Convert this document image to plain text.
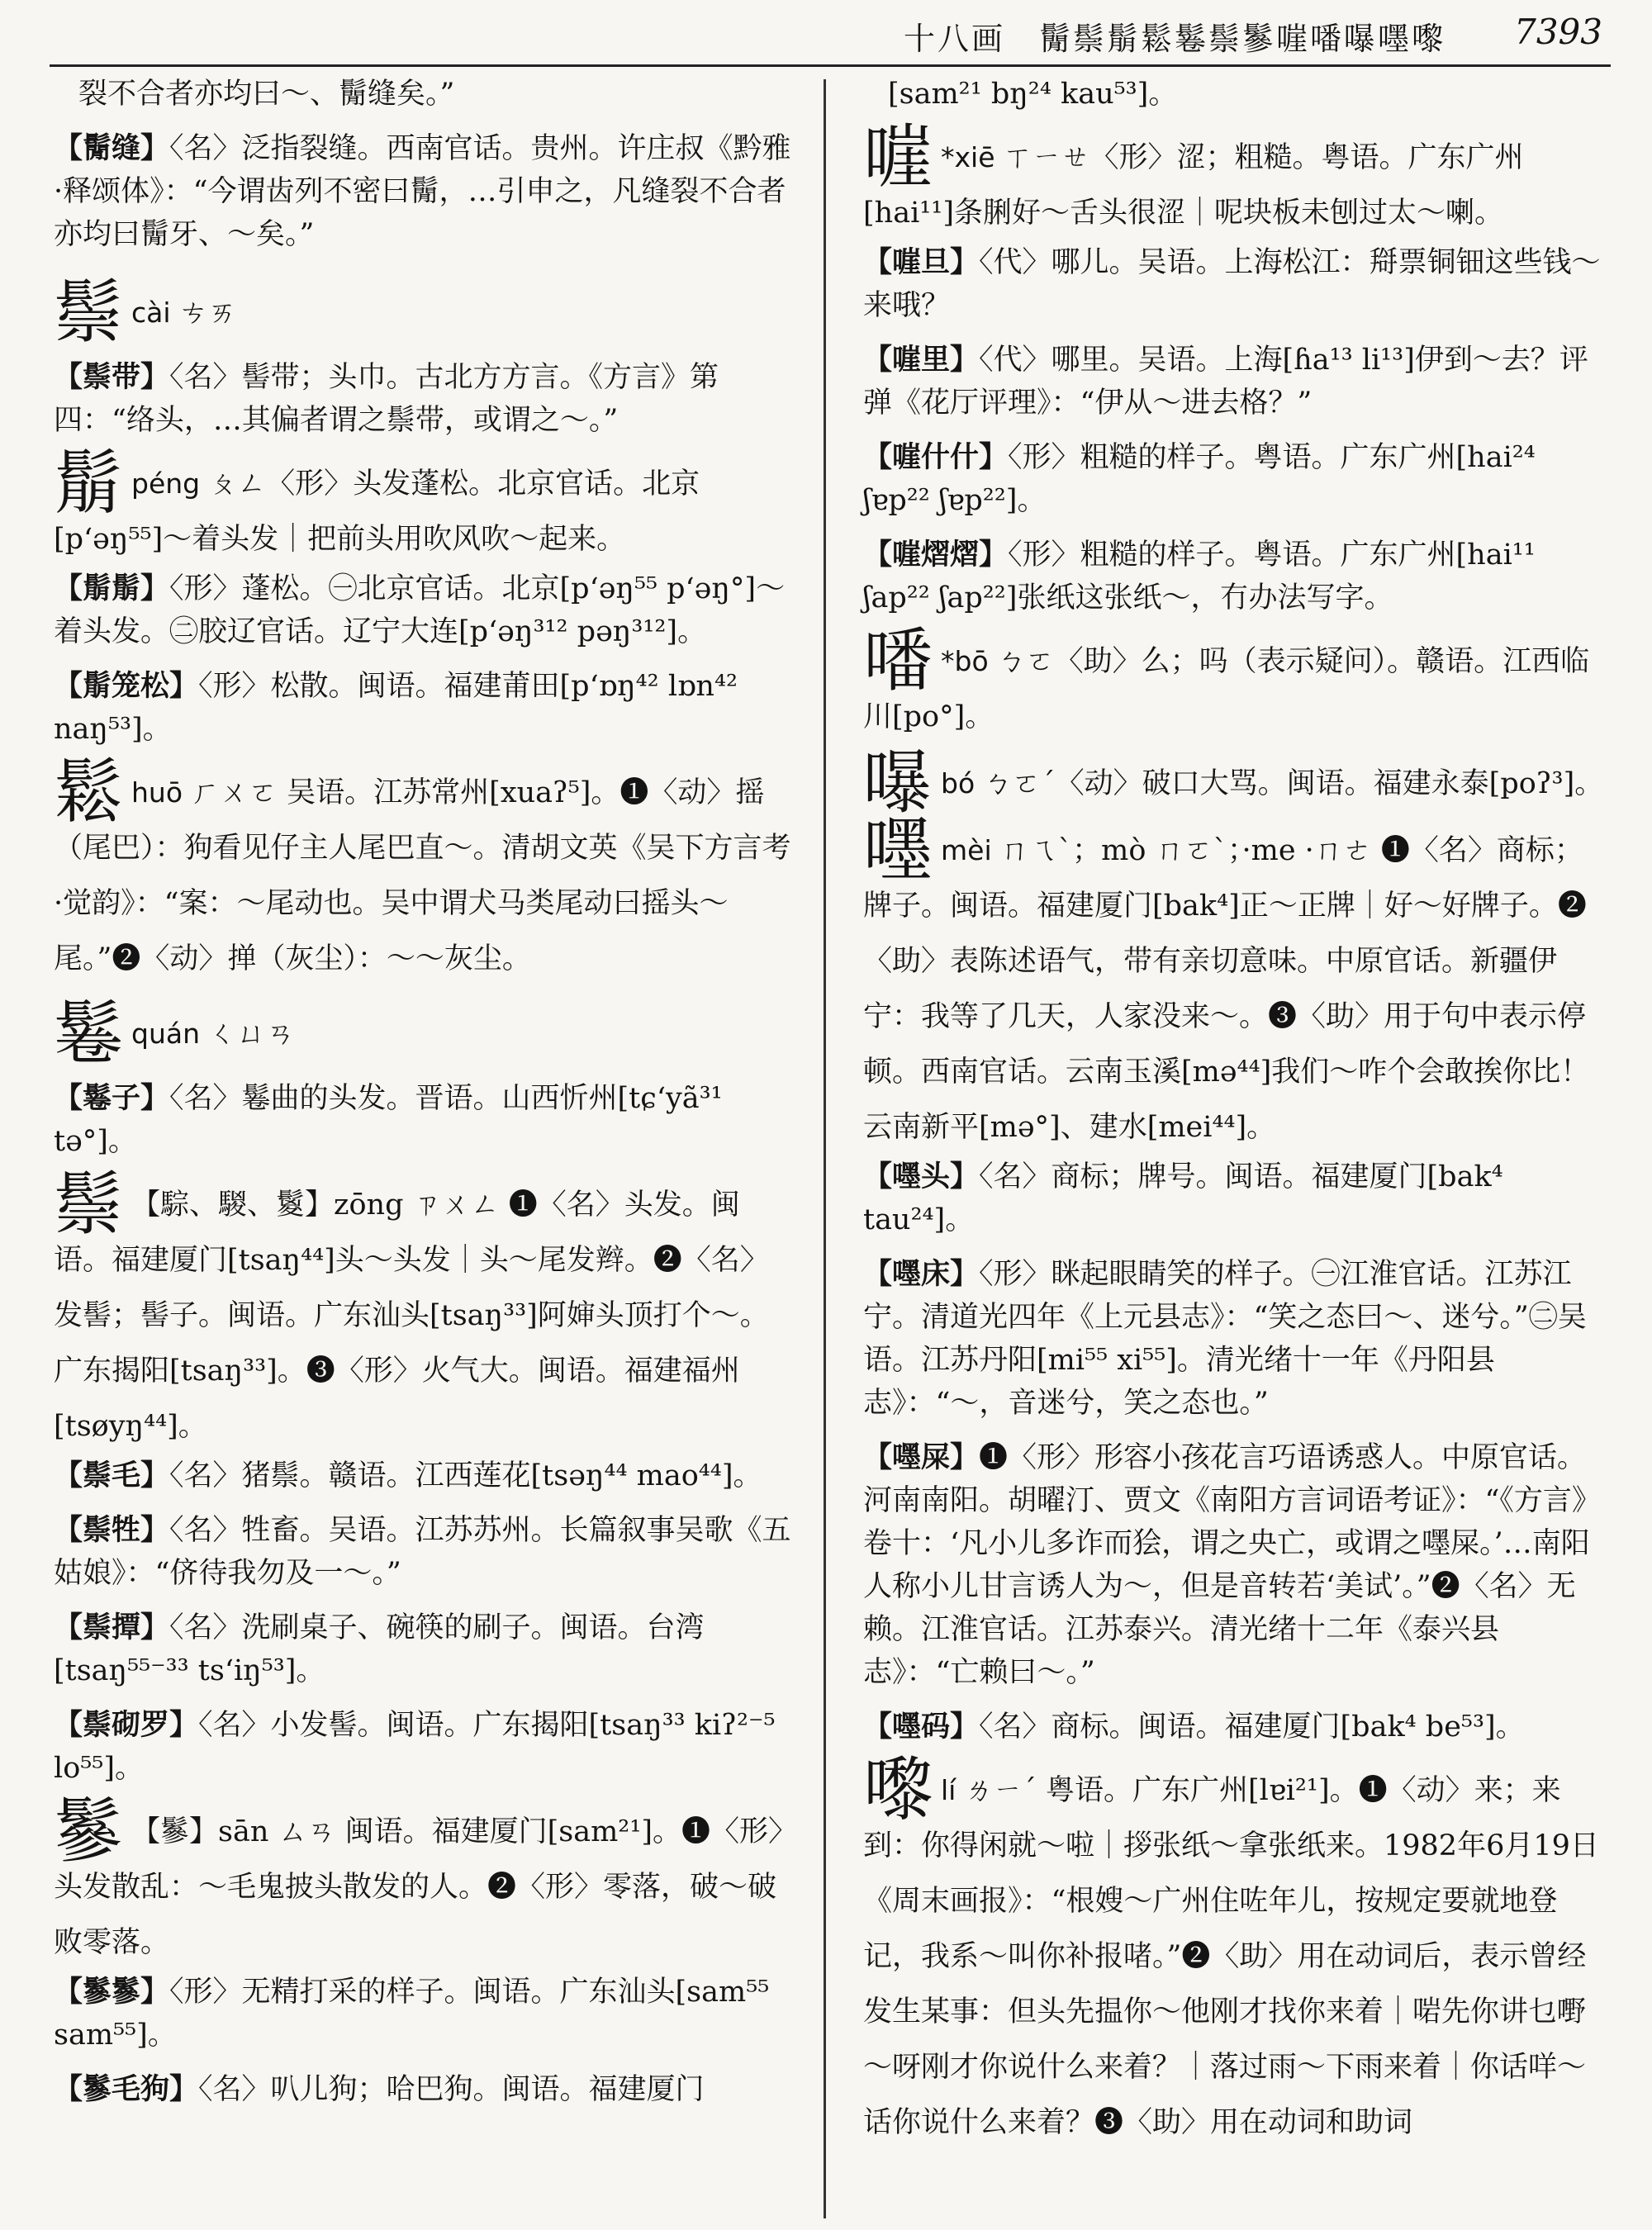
十八画　鬜鬃鬅鬆鬈鬃鬖嘊噃嚗嚜嚟 7393
裂不合者亦均曰～、鬜缝矣。”
【鬜缝】〈名〉泛指裂缝。西南官话。贵州。许庄叔《黔雅·释颂体》：“今谓齿列不密曰鬜，…引申之，凡缝裂不合者亦均曰鬜牙、～矣。”
鬃cài ㄘㄞ
【鬃带】〈名〉髻带；头巾。古北方方言。《方言》第四：“络头，…其偏者谓之鬃带，或谓之～。”
鬅péng ㄆㄥ〈形〉头发蓬松。北京官话。北京[p‘əŋ⁵⁵]～着头发｜把前头用吹风吹～起来。
【鬅鬅】〈形〉蓬松。㊀北京官话。北京[p‘əŋ⁵⁵ p‘əŋ°]～着头发。㊁胶辽官话。辽宁大连[p‘əŋ³¹² pəŋ³¹²]。
【鬅笼松】〈形〉松散。闽语。福建莆田[p‘ɒŋ⁴² lɒn⁴² naŋ⁵³]。
鬆huō ㄏㄨㄛ 吴语。江苏常州[xuaʔ⁵]。❶〈动〉摇（尾巴）：狗看见仔主人尾巴直～。清胡文英《吴下方言考·觉韵》：“案：～尾动也。吴中谓犬马类尾动曰摇头～尾。”❷〈动〉掸（灰尘）：～～灰尘。
鬈quán ㄑㄩㄢ
【鬈子】〈名〉鬈曲的头发。晋语。山西忻州[tɕ‘yã³¹ tə°]。
鬃 【騌、騣、鬉】zōng ㄗㄨㄥ ❶〈名〉头发。闽语。福建厦门[tsaŋ⁴⁴]头～头发｜头～尾发辫。❷〈名〉发髻；髻子。闽语。广东汕头[tsaŋ³³]阿婶头顶打个～。广东揭阳[tsaŋ³³]。❸〈形〉火气大。闽语。福建福州[tsøyŋ⁴⁴]。
【鬃毛】〈名〉猪鬃。赣语。江西莲花[tsəŋ⁴⁴ mao⁴⁴]。
【鬃牲】〈名〉牲畜。吴语。江苏苏州。长篇叙事吴歌《五姑娘》：“侪待我勿及一～。”
【鬃撢】〈名〉洗刷桌子、碗筷的刷子。闽语。台湾[tsaŋ⁵⁵⁻³³ ts‘iŋ⁵³]。
【鬃砌罗】〈名〉小发髻。闽语。广东揭阳[tsaŋ³³ kiʔ²⁻⁵ lo⁵⁵]。
鬖 【鬖】sān ㄙㄢ 闽语。福建厦门[sam²¹]。❶〈形〉头发散乱：～毛鬼披头散发的人。❷〈形〉零落，破～破败零落。
【鬖鬖】〈形〉无精打采的样子。闽语。广东汕头[sam⁵⁵ sam⁵⁵]。
【鬖毛狗】〈名〉叭儿狗；哈巴狗。闽语。福建厦门
[sam²¹ bŋ²⁴ kau⁵³]。
嘊 *xiē ㄒㄧㄝ〈形〉涩；粗糙。粤语。广东广州[hai¹¹]条脷好～舌头很涩｜呢块板未刨过太～喇。
【嘊旦】〈代〉哪儿。吴语。上海松江：搿票铜钿这些钱～来哦？
【嘊里】〈代〉哪里。吴语。上海[ɦa¹³ li¹³]伊到～去？评弹《花厅评理》：“伊从～进去格？”
【嘊什什】〈形〉粗糙的样子。粤语。广东广州[hai²⁴ ʃɐp²² ʃɐp²²]。
【嘊熠熠】〈形〉粗糙的样子。粤语。广东广州[hai¹¹ ʃap²² ʃap²²]张纸这张纸～，冇办法写字。
噃 *bō ㄅㄛ〈助〉么；吗（表示疑问）。赣语。江西临川[po°]。
嚗bó ㄅㄛˊ〈动〉破口大骂。闽语。福建永泰[poʔ³]。
嚜mèi ㄇㄟˋ；mò ㄇㄛˋ；·me ·ㄇㄜ ❶〈名〉商标；牌子。闽语。福建厦门[bak⁴]正～正牌｜好～好牌子。❷〈助〉表陈述语气，带有亲切意味。中原官话。新疆伊宁：我等了几天，人家没来～。❸〈助〉用于句中表示停顿。西南官话。云南玉溪[mə⁴⁴]我们～咋个会敢挨你比！云南新平[mə°]、建水[mei⁴⁴]。
【嚜头】〈名〉商标；牌号。闽语。福建厦门[bak⁴ tau²⁴]。
【嚜床】〈形〉眯起眼睛笑的样子。㊀江淮官话。江苏江宁。清道光四年《上元县志》：“笑之态曰～、迷兮。”㊁吴语。江苏丹阳[mi⁵⁵ xi⁵⁵]。清光绪十一年《丹阳县志》：“～，音迷兮，笑之态也。”
【嚜屎】❶〈形〉形容小孩花言巧语诱惑人。中原官话。河南南阳。胡曜汀、贾文《南阳方言词语考证》：“《方言》卷十：‘凡小儿多诈而狯，谓之央亡，或谓之嚜屎。’…南阳人称小儿甘言诱人为～，但是音转若‘美试’。”❷〈名〉无赖。江淮官话。江苏泰兴。清光绪十二年《泰兴县志》：“亡赖曰～。”
【嚜码】〈名〉商标。闽语。福建厦门[bak⁴ be⁵³]。
嚟lí ㄌㄧˊ 粤语。广东广州[lɐi²¹]。❶〈动〉来；来到：你得闲就～啦｜拶张纸～拿张纸来。1982年6月19日《周末画报》：“根嫂～广州住咗年儿，按规定要就地登记，我系～叫你补报啫。”❷〈助〉用在动词后，表示曾经发生某事：但头先揾你～他刚才找你来着｜啱先你讲乜嘢～呀刚才你说什么来着？｜落过雨～下雨来着｜你话咩～话你说什么来着？❸〈助〉用在动词和助词
